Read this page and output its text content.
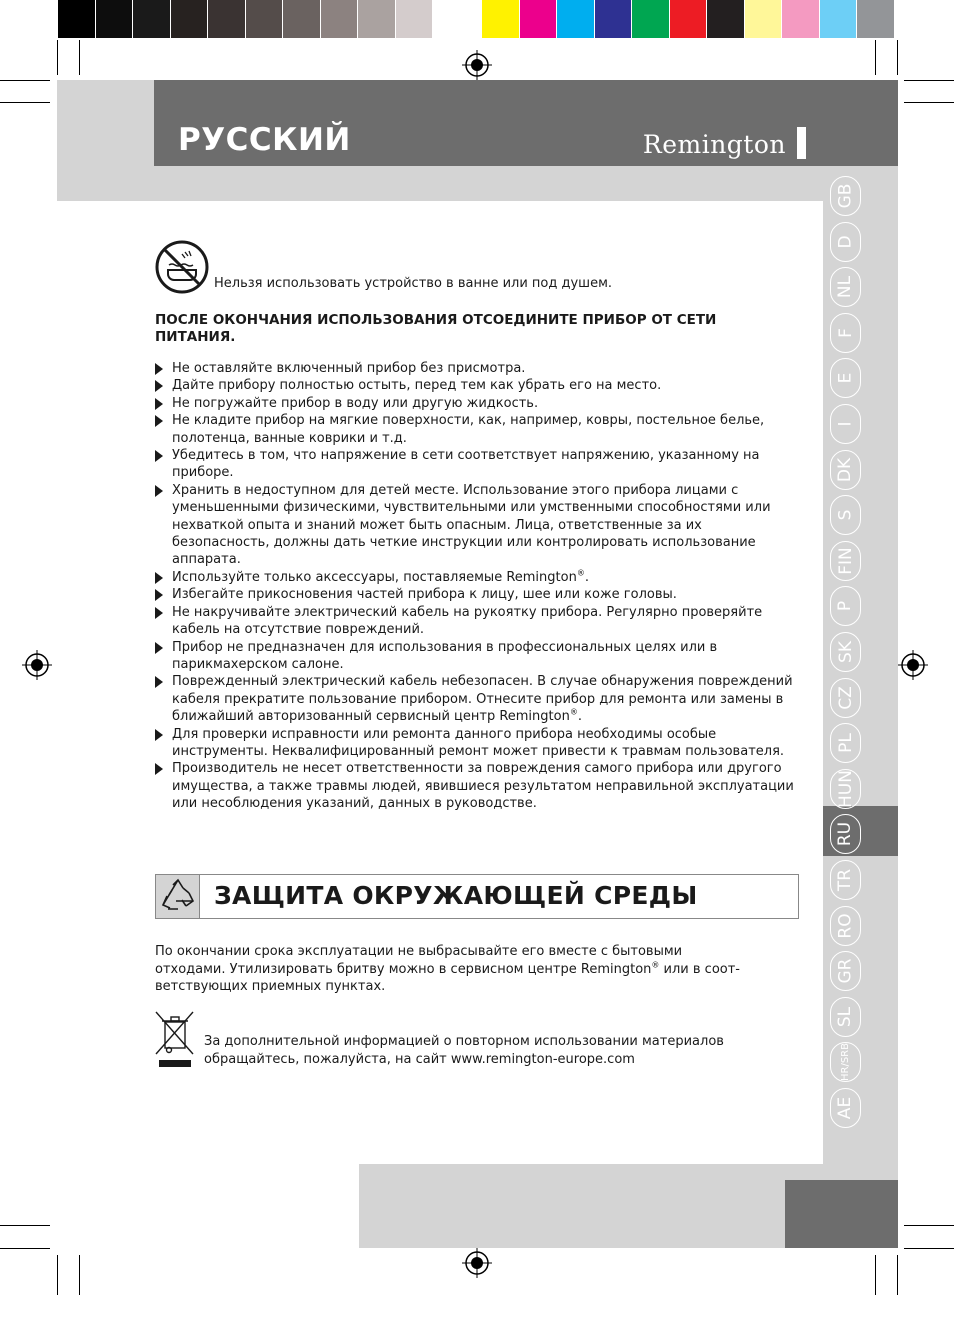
РУССКИЙ	Remington
GB
D
NL
F
E
I
DK
S
FIN
P
SK
CZ
PL
HUN
RU
TR
RO
GR
SL
HR/SRB
AE
Нельзя использовать устройство в ванне или под душем.
ПОСЛЕ ОКОНЧАНИЯ ИСПОЛЬЗОВАНИЯ ОТСОЕДИНИТЕ ПРИБОР ОТ СЕТИ ПИТАНИЯ.
Не оставляйте включенный прибор без присмотра.
Дайте прибору полностью остыть, перед тем как убрать его на место.
Не погружайте прибор в воду или другую жидкость.
Не кладите прибор на мягкие поверхности, как, например, ковры, постельное белье, полотенца, ванные коврики и т.д.
Убедитесь в том, что напряжение в сети соответствует напряжению, указанному на приборе.
Хранить в недоступном для детей месте. Использование этого прибора лицами с уменьшенными физическими, чувствительными или умственными способностями или нехваткой опыта и знаний может быть опасным. Лица, ответственные за их безопасность, должны дать четкие инструкции или контролировать использование аппарата.
Используйте только аксессуары, поставляемые Remington®.
Избегайте прикосновения частей прибора к лицу, шее или коже головы.
Не накручивайте электрический кабель на рукоятку прибора. Регулярно проверяйте кабель на отсутствие повреждений.
Прибор не предназначен для использования в профессиональных целях или в парикмахерском салоне.
Поврежденный электрический кабель небезопасен. В случае обнаружения повреждений кабеля прекратите пользование прибором. Отнесите прибор для ремонта или замены в ближайший авторизованный сервисный центр Remington®.
Для проверки исправности или ремонта данного прибора необходимы особые инструменты. Неквалифицированный ремонт может привести к травмам пользователя.
Производитель не несет ответственности за повреждения самого прибора или другого имущества, а также травмы людей, явившиеся результатом неправильной эксплуатации или несоблюдения указаний, данных в руководстве.
ЗАЩИТА ОКРУЖАЮЩЕЙ СРЕДЫ
По окончании срока эксплуатации не выбрасывайте его вместе с бытовыми отходами. Утилизировать бритву можно в сервисном центре Remington® или в соот- ветствующих приемных пунктах.
За дополнительной информацией о повторном использовании материалов обращайтесь, пожалуйста, на сайт www.remington-europe.com
